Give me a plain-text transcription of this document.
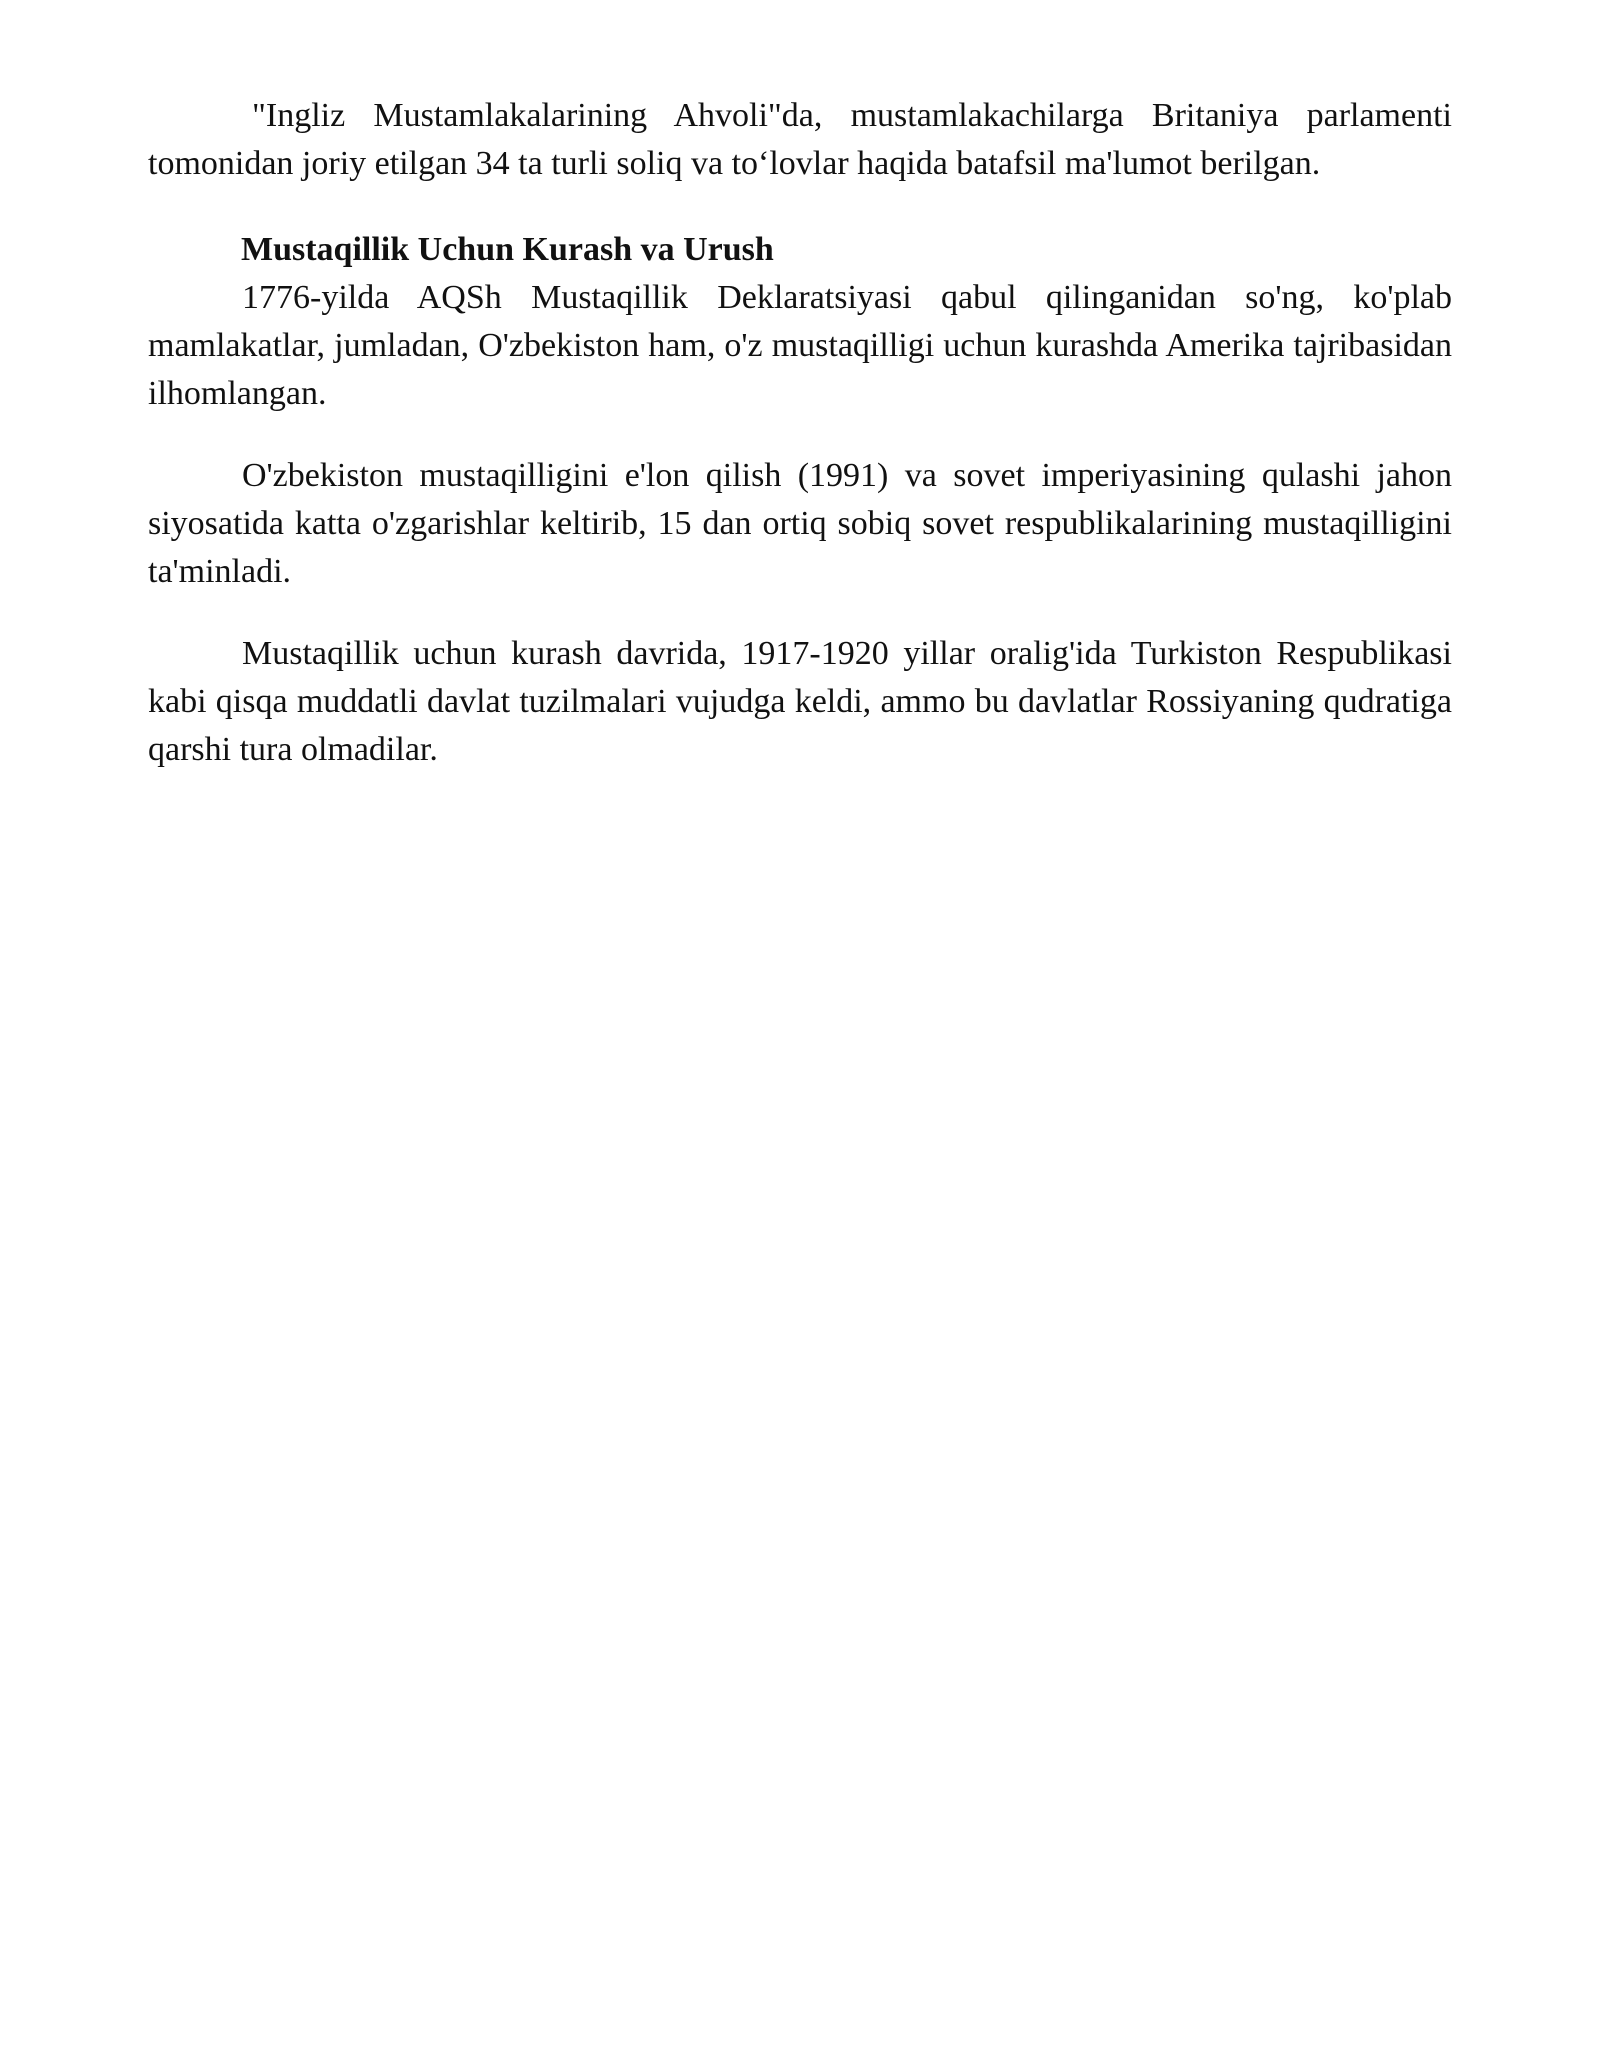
"Ingliz Mustamlakalarining Ahvoli"da, mustamlakachilarga Britaniya parlamenti tomonidan joriy etilgan 34 ta turli soliq va to‘lovlar haqida batafsil ma'lumot berilgan.

Mustaqillik Uchun Kurash va Urush

1776-yilda AQSh Mustaqillik Deklaratsiyasi qabul qilinganidan so'ng, ko'plab mamlakatlar, jumladan, O'zbekiston ham, o'z mustaqilligi uchun kurashda Amerika tajribasidan ilhomlangan.

O'zbekiston mustaqilligini e'lon qilish (1991) va sovet imperiyasining qulashi jahon siyosatida katta o'zgarishlar keltirib, 15 dan ortiq sobiq sovet respublikalarining mustaqilligini ta'minladi.

Mustaqillik uchun kurash davrida, 1917-1920 yillar oralig'ida Turkiston Respublikasi kabi qisqa muddatli davlat tuzilmalari vujudga keldi, ammo bu davlatlar Rossiyaning qudratiga qarshi tura olmadilar.
